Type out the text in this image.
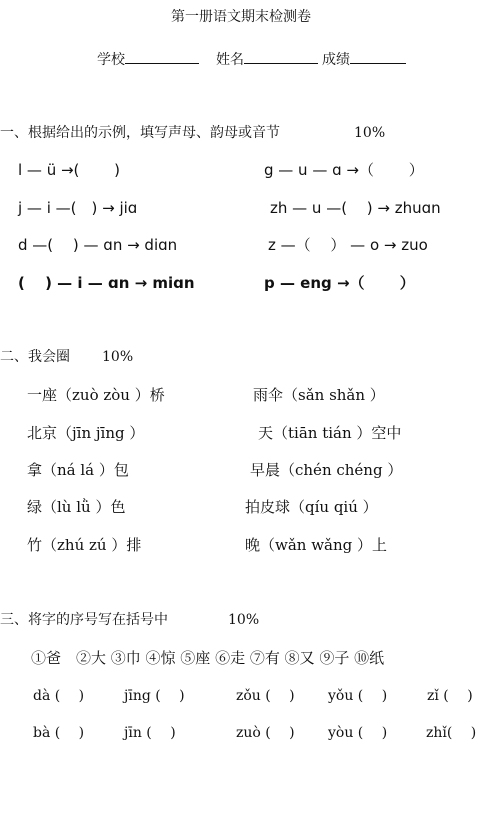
第一册语文期末检测卷
学校	姓名	成绩
一、根据给出的示例，填写声母、韵母或音节	10%
l — ü →(　　 )	g — u — ɑ →（　　 ）
j — i —(　) → jiɑ	zh — u —(　 ) → zhuɑn
d —(　 ) — ɑn → diɑn	z —（　 ） — o → zuo
(　 ) — i — ɑn → miɑn	p — eng →（　　 ）
二、我会圈 10%
一座（zuò zòu ）桥	雨伞（sǎn shǎn ）
北京（jīn jīng ）	天（tiān tián ）空中
拿（ná lá ）包	早晨（chén chéng ）
绿（lù lǜ ）色	拍皮球（qíu qiú ）
竹（zhú zú ）排	晚（wǎn wǎng ）上
三、将字的序号写在括号中	10%
①爸　②大 ③巾 ④惊 ⑤座 ⑥走 ⑦有 ⑧又 ⑨子 ⑩纸
dà (　 )	jīng (　 )	zǒu (　 ) yǒu (　 )	zǐ (　 )
bà (　 )	jīn (　 )	zuò (　 ) yòu (　 )	zhǐ(　 )
